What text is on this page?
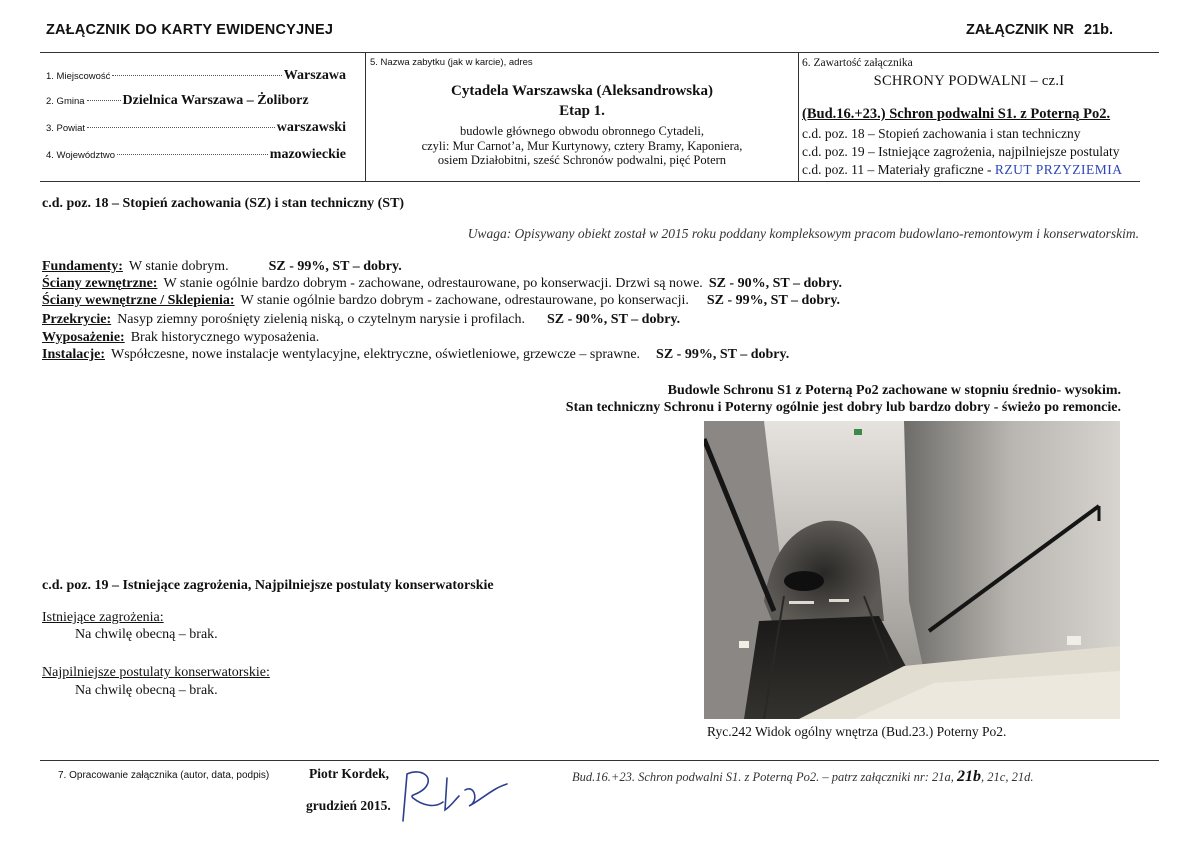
ZAŁĄCZNIK DO KARTY EWIDENCYJNEJ	ZAŁĄCZNIK NR 21b.
1. Miejscowość	Warszawa
2. Gmina	Dzielnica Warszawa – Żoliborz
3. Powiat	warszawski
4. Województwo	mazowieckie
5. Nazwa zabytku (jak w karcie), adres
Cytadela Warszawska (Aleksandrowska)
Etap 1.
budowle głównego obwodu obronnego Cytadeli,
czyli: Mur Carnot’a, Mur Kurtynowy, cztery Bramy, Kaponiera,
osiem Działobitni, sześć Schronów podwalni, pięć Potern
6. Zawartość załącznika
SCHRONY PODWALNI – cz.I
(Bud.16.+23.) Schron podwalni S1. z Poterną Po2.
c.d. poz. 18 – Stopień zachowania i stan techniczny
c.d. poz. 19 – Istniejące zagrożenia, najpilniejsze postulaty
c.d. poz. 11 – Materiały graficzne - RZUT PRZYZIEMIA
c.d. poz. 18 – Stopień zachowania (SZ) i stan techniczny (ST)
Uwaga: Opisywany obiekt został w 2015 roku poddany kompleksowym pracom budowlano-remontowym i konserwatorskim.
Fundamenty: W stanie dobrym.	SZ - 99%, ST – dobry.
Ściany zewnętrzne: W stanie ogólnie bardzo dobrym - zachowane, odrestaurowane, po konserwacji. Drzwi są nowe. SZ - 90%, ST – dobry.
Ściany wewnętrzne / Sklepienia: W stanie ogólnie bardzo dobrym - zachowane, odrestaurowane, po konserwacji. SZ - 99%, ST – dobry.
Przekrycie: Nasyp ziemny porośnięty zielenią niską, o czytelnym narysie i profilach. SZ - 90%, ST – dobry.
Wyposażenie: Brak historycznego wyposażenia.
Instalacje: Współczesne, nowe instalacje wentylacyjne, elektryczne, oświetleniowe, grzewcze – sprawne. SZ - 99%, ST – dobry.
Budowle Schronu S1 z Poterną Po2 zachowane w stopniu średnio- wysokim.
Stan techniczny Schronu i Poterny ogólnie jest dobry lub bardzo dobry - świeżo po remoncie.
Ryc.242 Widok ogólny wnętrza (Bud.23.) Poterny Po2.
c.d. poz. 19 – Istniejące zagrożenia, Najpilniejsze postulaty konserwatorskie
Istniejące zagrożenia:
Na chwilę obecną – brak.
Najpilniejsze postulaty konserwatorskie:
Na chwilę obecną – brak.
7. Opracowanie załącznika (autor, data, podpis)	Piotr Kordek,
grudzień 2015.
Bud.16.+23. Schron podwalni S1. z Poterną Po2. – patrz załączniki nr: 21a, 21b, 21c, 21d.
